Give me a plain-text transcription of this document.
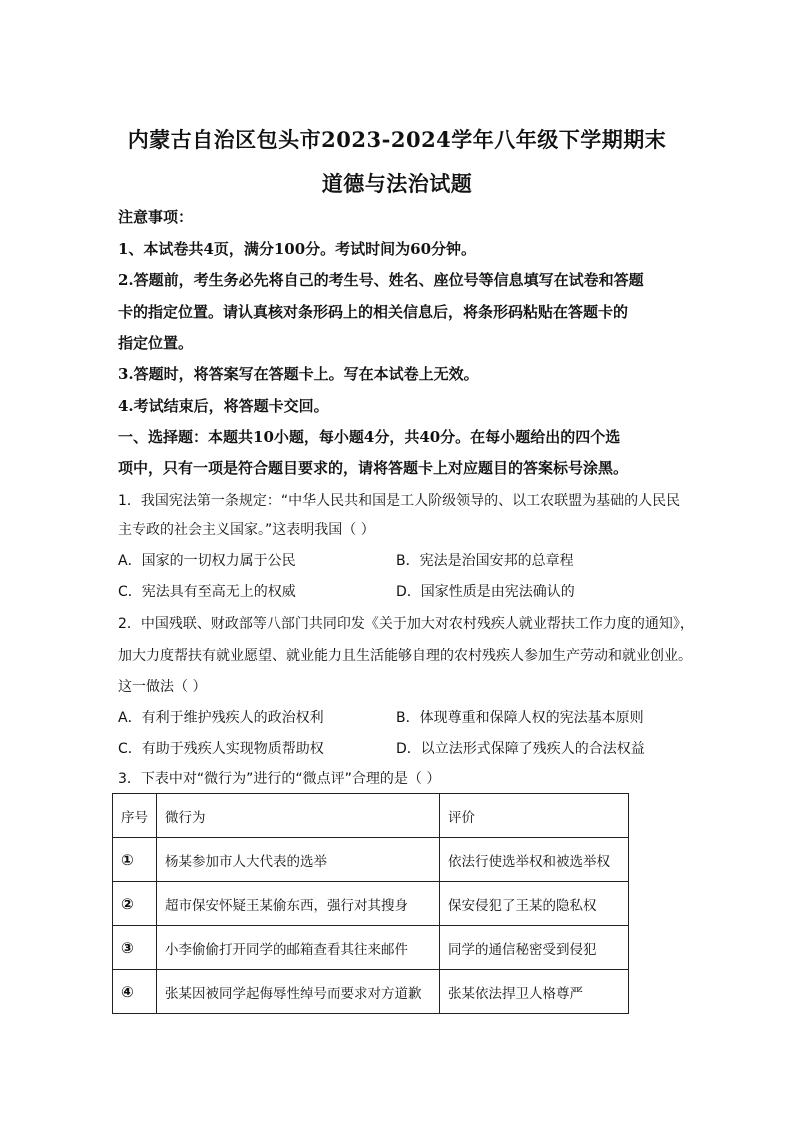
内蒙古自治区包头市2023-2024学年八年级下学期期末
道德与法治试题
注意事项：
1、本试卷共4页，满分100分。考试时间为60分钟。
2.答题前，考生务必先将自己的考生号、姓名、座位号等信息填写在试卷和答题
卡的指定位置。请认真核对条形码上的相关信息后，将条形码粘贴在答题卡的
指定位置。
3.答题时，将答案写在答题卡上。写在本试卷上无效。
4.考试结束后，将答题卡交回。
一、选择题：本题共10小题，每小题4分，共40分。在每小题给出的四个选
项中，只有一项是符合题目要求的，请将答题卡上对应题目的答案标号涂黑。
1．我国宪法第一条规定：“中华人民共和国是工人阶级领导的、以工农联盟为基础的人民民
主专政的社会主义国家。”这表明我国（ ）
A．国家的一切权力属于公民	B．宪法是治国安邦的总章程
C．宪法具有至高无上的权威	D．国家性质是由宪法确认的
2．中国残联、财政部等八部门共同印发《关于加大对农村残疾人就业帮扶工作力度的通知》，
加大力度帮扶有就业愿望、就业能力且生活能够自理的农村残疾人参加生产劳动和就业创业。
这一做法（ ）
A．有利于维护残疾人的政治权利	B．体现尊重和保障人权的宪法基本原则
C．有助于残疾人实现物质帮助权	D．以立法形式保障了残疾人的合法权益
3．下表中对“微行为”进行的“微点评”合理的是（ ）
序号	微行为	评价
①	杨某参加市人大代表的选举	依法行使选举权和被选举权
②	超市保安怀疑王某偷东西，强行对其搜身	保安侵犯了王某的隐私权
③	小李偷偷打开同学的邮箱查看其往来邮件	同学的通信秘密受到侵犯
④	张某因被同学起侮辱性绰号而要求对方道歉	张某依法捍卫人格尊严
